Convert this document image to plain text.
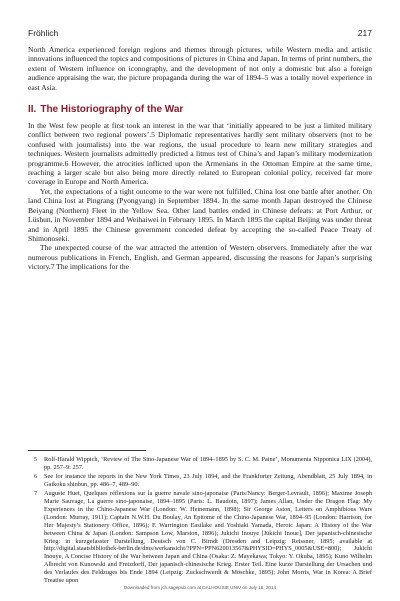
Fröhlich	217

North America experienced foreign regions and themes through pictures, while Western media and artistic innovations influenced the topics and compositions of pictures in China and Japan. In terms of print numbers, the extent of Western influence on iconography, and the development of not only a domestic but also a foreign audience appraising the war, the picture propaganda during the war of 1894–5 was a totally novel experience in east Asia.

II. The Historiography of the War

In the West few people at first took an interest in the war that ‘initially appeared to be just a limited military conflict between two regional powers’.5 Diplomatic representatives hardly sent military observers (not to be confused with journalists) into the war regions, the usual procedure to learn new military strategies and techniques. Western journalists admittedly predicted a litmus test of China’s and Japan’s military modernization programme.6 However, the atrocities inflicted upon the Armenians in the Ottoman Empire at the same time, reaching a larger scale but also being more directly related to European colonial policy, received far more coverage in Europe and North America.

Yet, the expectations of a tight outcome to the war were not fulfilled. China lost one battle after another. On land China lost at Pingrang (Pyongyang) in September 1894. In the same month Japan destroyed the Chinese Beiyang (Northern) Fleet in the Yellow Sea. Other land battles ended in Chinese defeats: at Port Arthur, or Lüshun, in November 1894 and Weihaiwei in February 1895. In March 1895 the capital Beijing was under threat and in April 1895 the Chinese government conceded defeat by accepting the so-called Peace Treaty of Shimonoseki.

The unexpected course of the war attracted the attention of Western observers. Immediately after the war numerous publications in French, English, and German appeared, discussing the reasons for Japan’s surprising victory.7 The implications for the

5	Rolf-Harald Wippich, ‘Review of The Sino-Japanese War of 1894–1895 by S. C. M. Paine’, Monumenta Nipponica LIX (2004), pp. 257–9: 257.
6	See for instance the reports in the New York Times, 23 July 1894, and the Frankfurter Zeitung, Abendblatt, 25 July 1894, in Gaikoku shinbun, pp. 486–7, 489–90.
7	Auguste Huet, Quelques réflexions sur la guerre navale sino-japonaise (Paris/Nancy: Berger-Levrault, 1896); Maxime Joseph Marie Sauvage, La guerre sino-japonaise, 1894–1895 (Paris: L. Baudoin, 1897); James Allan, Under the Dragon Flag: My Experiences in the Chino-Japanese War (London: W. Heinemann, 1898); Sir George Aston, Letters on Amphibious Wars (London: Murray, 1911); Captain N.W.H. Du Boulay, An Epitome of the Chino-Japanese War, 1894–95 (London: Harrison, for Her Majesty’s Stationery Office, 1896); F. Warrington Eastlake and Yoshiaki Yamada, Heroic Japan: A History of the War between China & Japan (London: Sampson Low, Marston, 1896); Jukichi Inouye [Jūkichi Inoue], Der japanisch-chinesische Krieg: in kurzgefasster Darstellung, Deutsch von C. Birndt (Dresden and Leipzig: Reissner, 1895; available at http://digital.staatsbibliothek-berlin.de/dms/werkansicht/?PPN=PPN620013567&PHYSID=PHYS_0005&USE=800); Jukichi Inouye, A Concise History of the War between Japan and China (Osaka: Z. Mayekawa; Tokyo: Y. Okuba, 1895); Kuno Wilhelm Albrecht von Kunowski and Fretzdorff, Der japanisch-chinesische Krieg. Erster Teil. Eine kurze Darstellung der Ursachen und des Verlaufes des Feldzuges bis Ende 1894 (Leipzig: Zuckschwerdt & Möschke, 1895); John Morris, War in Korea: A Brief Treatise upon
Downloaded from jch.sagepub.com at DALHOUSIE UNIV on July 16, 2014
